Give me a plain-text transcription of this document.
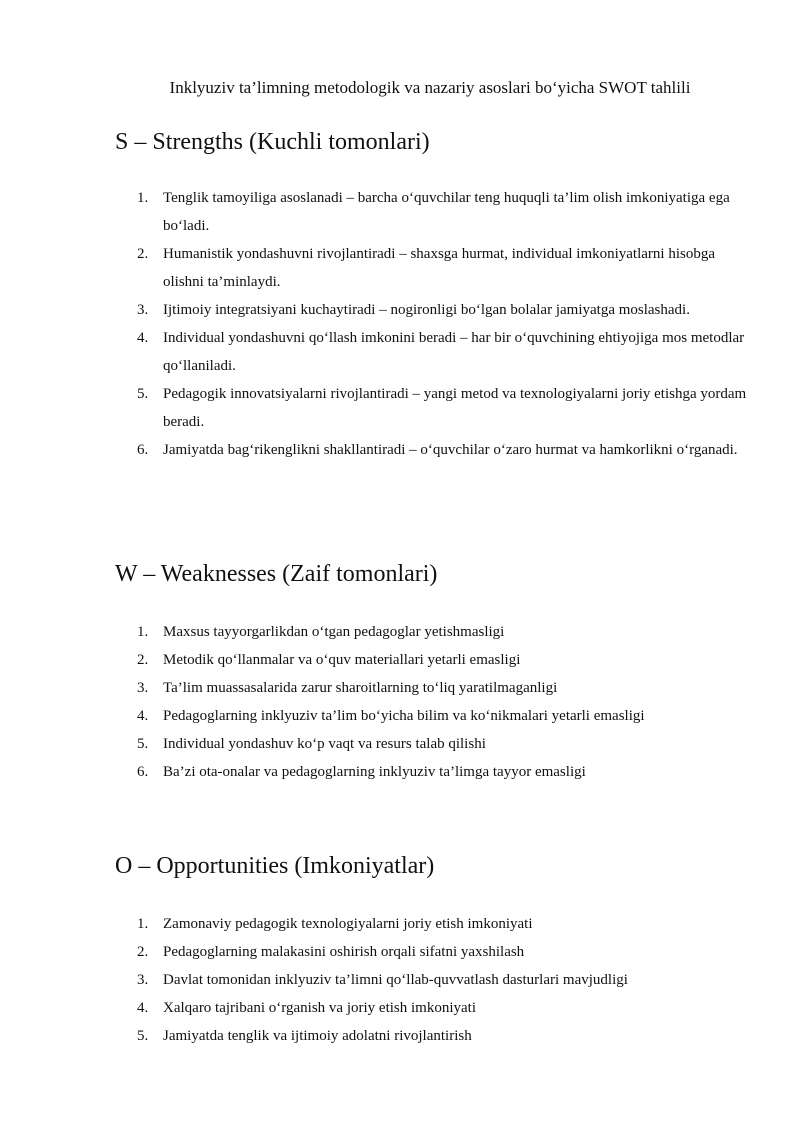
Inklyuziv ta’limning metodologik va nazariy asoslari bo‘yicha SWOT tahlili
S – Strengths (Kuchli tomonlari)
1. Tenglik tamoyiliga asoslanadi – barcha o‘quvchilar teng huquqli ta’lim olish imkoniyatiga ega bo‘ladi.
2. Humanistik yondashuvni rivojlantiradi – shaxsga hurmat, individual imkoniyatlarni hisobga olishni ta’minlaydi.
3. Ijtimoiy integratsiyani kuchaytiradi – nogironligi bo‘lgan bolalar jamiyatga moslashadi.
4. Individual yondashuvni qo‘llash imkonini beradi – har bir o‘quvchining ehtiyojiga mos metodlar qo‘llaniladi.
5. Pedagogik innovatsiyalarni rivojlantiradi – yangi metod va texnologiyalarni joriy etishga yordam beradi.
6. Jamiyatda bag‘rikenglikni shakllantiradi – o‘quvchilar o‘zaro hurmat va hamkorlikni o‘rganadi.
W – Weaknesses (Zaif tomonlari)
1. Maxsus tayyorgarlikdan o‘tgan pedagoglar yetishmasligi
2. Metodik qo‘llanmalar va o‘quv materiallari yetarli emasligi
3. Ta’lim muassasalarida zarur sharoitlarning to‘liq yaratilmaganligi
4. Pedagoglarning inklyuziv ta’lim bo‘yicha bilim va ko‘nikmalari yetarli emasligi
5. Individual yondashuv ko‘p vaqt va resurs talab qilishi
6. Ba’zi ota-onalar va pedagoglarning inklyuziv ta’limga tayyor emasligi
O – Opportunities (Imkoniyatlar)
1. Zamonaviy pedagogik texnologiyalarni joriy etish imkoniyati
2. Pedagoglarning malakasini oshirish orqali sifatni yaxshilash
3. Davlat tomonidan inklyuziv ta’limni qo‘llab-quvvatlash dasturlari mavjudligi
4. Xalqaro tajribani o‘rganish va joriy etish imkoniyati
5. Jamiyatda tenglik va ijtimoiy adolatni rivojlantirish
